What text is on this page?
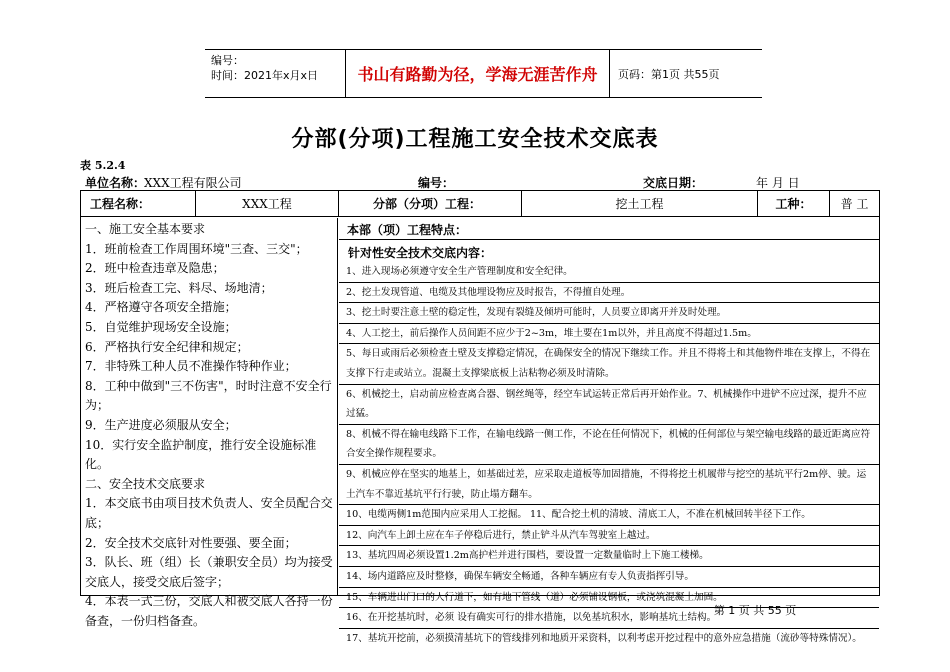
编号：
时间：2021年x月x日	书山有路勤为径，学海无涯苦作舟	页码：第1页 共55页
分部(分项)工程施工安全技术交底表
表 5.2.4
单位名称：
XXX工程有限公司	编号：	交底日期：	年 月 日
工程名称：	XXX工程	分部（分项）工程：	挖土工程	工种：	普 工

一、施工安全基本要求

1．班前检查工作周围环境"三查、三交"；

2．班中检查违章及隐患；

3．班后检查工完、料尽、场地清；

4．严格遵守各项安全措施；

5．自觉维护现场安全设施；

6．严格执行安全纪律和规定；

7．非特殊工种人员不准操作特种作业；

8．工种中做到"三不伤害"，时时注意不安全行为；

9．生产进度必须服从安全；

10．实行安全监护制度，推行安全设施标准化。

二、安全技术交底要求

1．本交底书由项目技术负责人、安全员配合交底；

2．安全技术交底针对性要强、要全面；

3．队长、班（组）长（兼职安全员）均为接受交底人，接受交底后签字；

4．本表一式三份，交底人和被交底人各持一份备查，一份归档备查。

本部（项）工程特点：
针对性安全技术交底内容：

1、进入现场必须遵守安全生产管理制度和安全纪律。

2、挖土发现管道、电缆及其他埋设物应及时报告，不得擅自处理。

3、挖土时要注意土壁的稳定性，发现有裂缝及倾坍可能时，人员要立即离开并及时处理。

4、人工挖土，前后操作人员间距不应少于2~3m，堆土要在1m以外，并且高度不得超过1.5m。

5、每日或雨后必须检查土壁及支撑稳定情况，在确保安全的情况下继续工作。并且不得将土和其他物件堆在支撑上，不得在支撑下行走或站立。混凝土支撑梁底板上沾粘物必须及时清除。

6、机械挖土，启动前应检查离合器、钢丝绳等，经空车试运转正常后再开始作业。7、机械操作中进铲不应过深，提升不应过猛。

8、机械不得在输电线路下工作，在输电线路一侧工作，不论在任何情况下，机械的任何部位与架空输电线路的最近距离应符合安全操作规程要求。

9、机械应停在坚实的地基上，如基础过差，应采取走道板等加固措施，不得将挖土机履带与挖空的基坑平行2m停、驶。运土汽车不靠近基坑平行行驶，防止塌方翻车。

10、电缆两侧1m范围内应采用人工挖掘。 11、配合挖土机的清坡、清底工人，不准在机械回转半径下工作。

12、向汽车上卸土应在车子停稳后进行，禁止铲斗从汽车驾驶室上越过。

13、基坑四周必须设置1.2m高护栏并进行围档，要设置一定数量临时上下施工楼梯。

14、场内道路应及时整修，确保车辆安全畅通，各种车辆应有专人负责指挥引导。

15、车辆进出门口的人行道下，如有地下管线（道）必须铺设钢板，或浇筑混凝土加固。

16、在开挖基坑时，必须 设有确实可行的排水措施，以免基坑积水，影响基坑土结构。

17、基坑开挖前，必须摸清基坑下的管线排列和地质开采资料，以利考虑开挖过程中的意外应急措施（流砂等特殊情况）。

第 1 页 共 55 页
